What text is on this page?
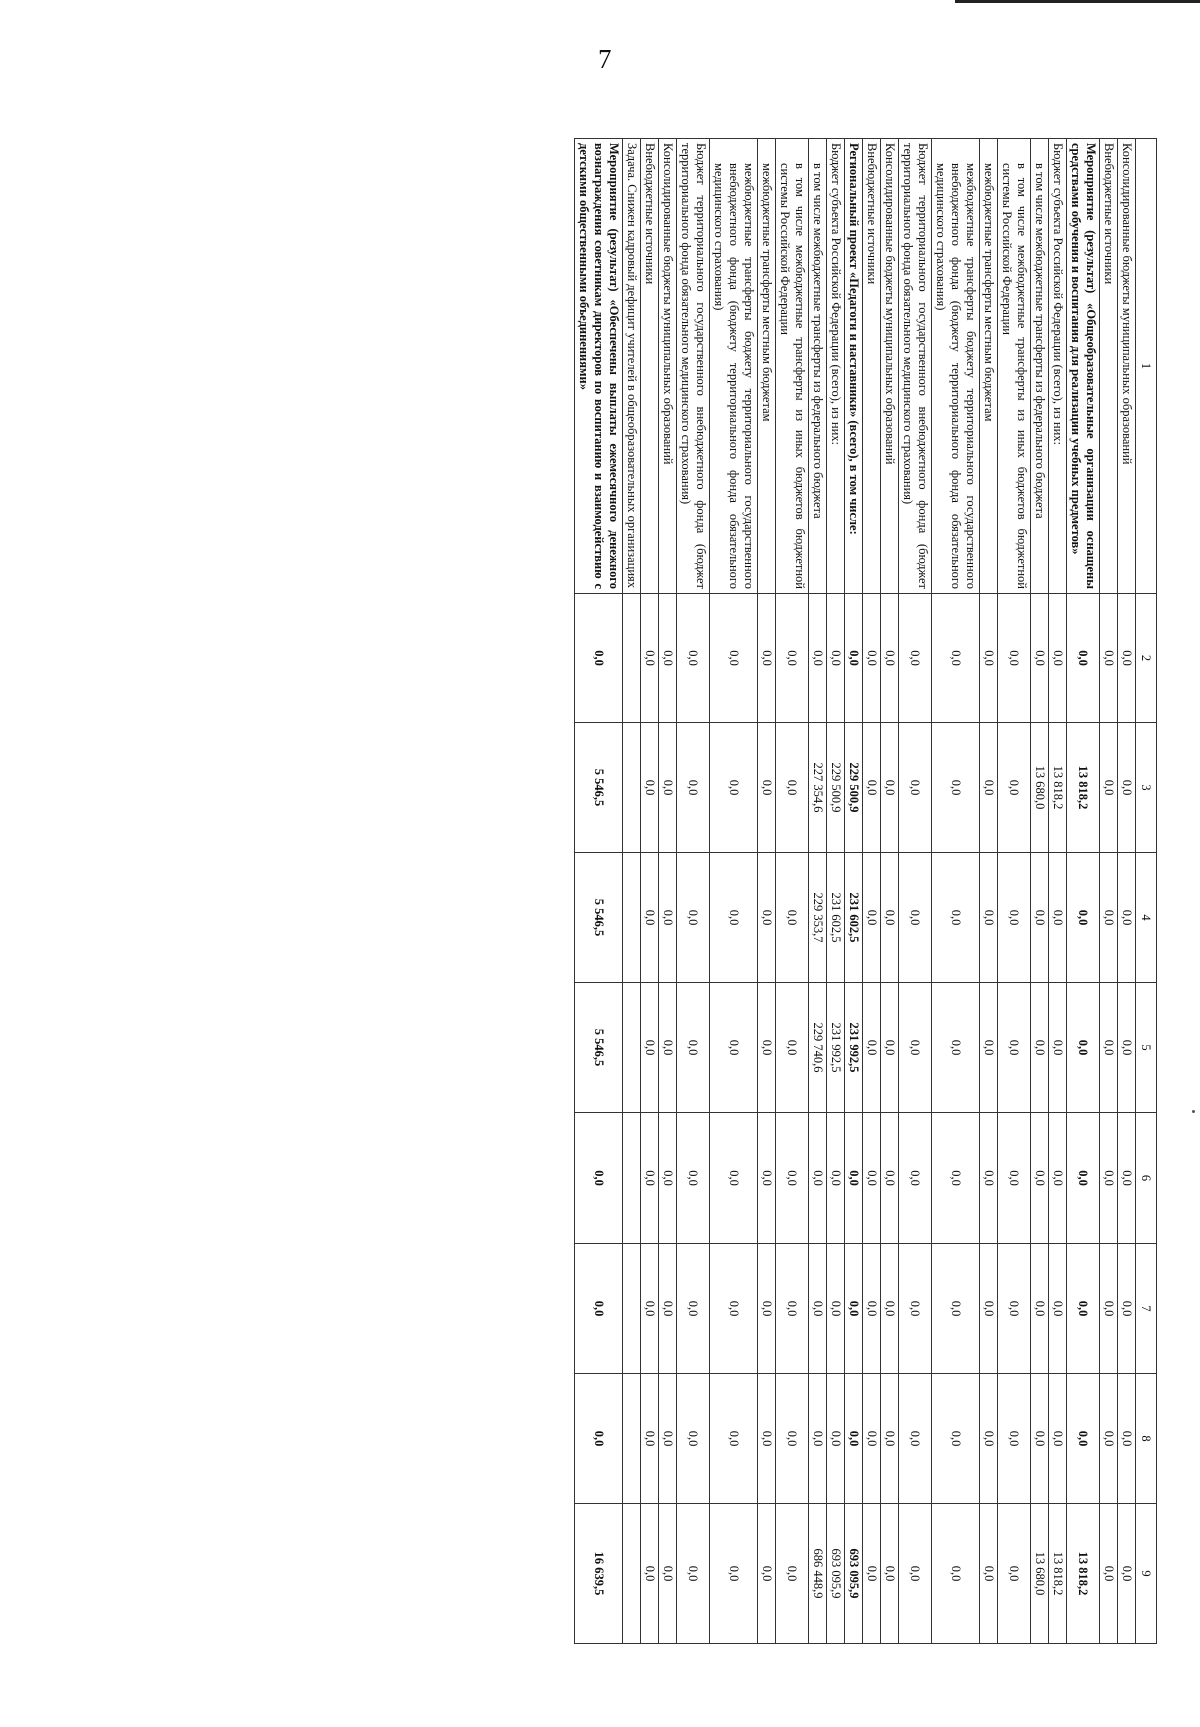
7
1	2	3	4	5	6	7	8	9
Консолидированные бюджеты муниципальных образований	0,0	0,0	0,0	0,0	0,0	0,0	0,0	0,0
Внебюджетные источники	0,0	0,0	0,0	0,0	0,0	0,0	0,0	0,0
Мероприятие (результат) «Общеобразовательные организации оснащены средствами обучения и воспитания для реализации учебных предметов»	0,0	13 818,2	0,0	0,0	0,0	0,0	0,0	13 818,2
Бюджет субъекта Российской Федерации (всего), из них:	0,0	13 818,2	0,0	0,0	0,0	0,0	0,0	13 818,2
в том числе межбюджетные трансферты из федерального бюджета	0,0	13 680,0	0,0	0,0	0,0	0,0	0,0	13 680,0
в том числе межбюджетные трансферты из иных бюджетов бюджетной системы Российской Федерации	0,0	0,0	0,0	0,0	0,0	0,0	0,0	0,0
межбюджетные трансферты местным бюджетам	0,0	0,0	0,0	0,0	0,0	0,0	0,0	0,0
межбюджетные трансферты бюджету территориального государственного внебюджетного фонда (бюджету территориального фонда обязательного медицинского страхования)	0,0	0,0	0,0	0,0	0,0	0,0	0,0	0,0
Бюджет территориального государственного внебюджетного фонда (бюджет территориального фонда обязательного медицинского страхования)	0,0	0,0	0,0	0,0	0,0	0,0	0,0	0,0
Консолидированные бюджеты муниципальных образований	0,0	0,0	0,0	0,0	0,0	0,0	0,0	0,0
Внебюджетные источники	0,0	0,0	0,0	0,0	0,0	0,0	0,0	0,0
Региональный проект «Педагоги и наставники» (всего), в том числе:	0,0	229 500,9	231 602,5	231 992,5	0,0	0,0	0,0	693 095,9
Бюджет субъекта Российской Федерации (всего), из них:	0,0	229 500,9	231 602,5	231 992,5	0,0	0,0	0,0	693 095,9
в том числе межбюджетные трансферты из федерального бюджета	0,0	227 354,6	229 353,7	229 740,6	0,0	0,0	0,0	686 448,9
в том числе межбюджетные трансферты из иных бюджетов бюджетной системы Российской Федерации	0,0	0,0	0,0	0,0	0,0	0,0	0,0	0,0
межбюджетные трансферты местным бюджетам	0,0	0,0	0,0	0,0	0,0	0,0	0,0	0,0
межбюджетные трансферты бюджету территориального государственного внебюджетного фонда (бюджету территориального фонда обязательного медицинского страхования)	0,0	0,0	0,0	0,0	0,0	0,0	0,0	0,0
Бюджет территориального государственного внебюджетного фонда (бюджет территориального фонда обязательного медицинского страхования)	0,0	0,0	0,0	0,0	0,0	0,0	0,0	0,0
Консолидированные бюджеты муниципальных образований	0,0	0,0	0,0	0,0	0,0	0,0	0,0	0,0
Внебюджетные источники	0,0	0,0	0,0	0,0	0,0	0,0	0,0	0,0
Задача. Снижен кадровый дефицит учителей в общеобразовательных организациях								
Мероприятие (результат) «Обеспечены выплаты ежемесячного денежного вознаграждения советникам директоров по воспитанию и взаимодействию с детскими общественными объединениями»	0,0	5 546,5	5 546,5	5 546,5	0,0	0,0	0,0	16 639,5
